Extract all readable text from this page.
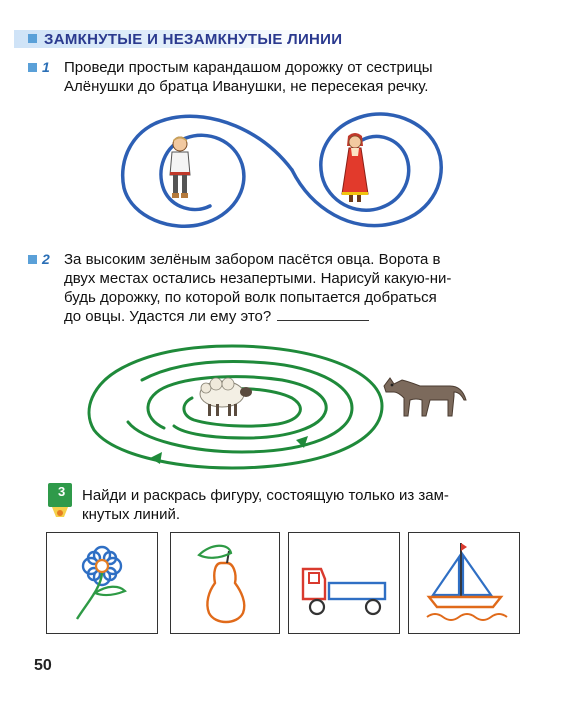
ЗАМКНУТЫЕ И НЕЗАМКНУТЫЕ ЛИНИИ
1 Проведи простым карандашом дорожку от сестрицы
Алёнушки до братца Иванушки, не пересекая речку.
2 За высоким зелёным забором пасётся овца. Ворота в
двух местах остались незапертыми. Нарисуй какую-ни-
будь дорожку, по которой волк попытается добраться
до овцы. Удастся ли ему это?
3 Найди и раскрась фигуру, состоящую только из зам-
кнутых линий.
50
